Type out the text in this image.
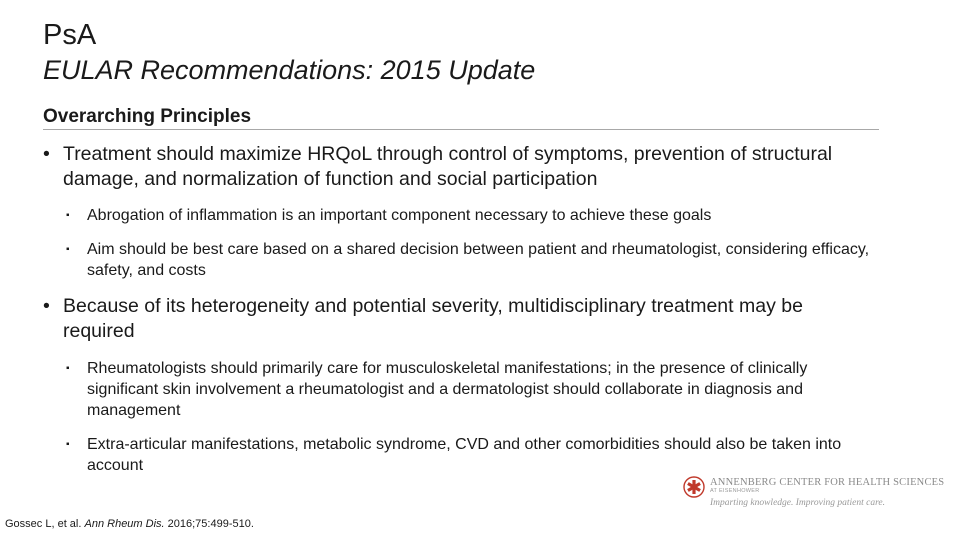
PsA
EULAR Recommendations: 2015 Update
Overarching Principles
• Treatment should maximize HRQoL through control of symptoms, prevention of structural damage, and normalization of function and social participation
▪ Abrogation of inflammation is an important component necessary to achieve these goals
▪ Aim should be best care based on a shared decision between patient and rheumatologist, considering efficacy, safety, and costs
• Because of its heterogeneity and potential severity, multidisciplinary treatment may be required
▪ Rheumatologists should primarily care for musculoskeletal manifestations; in the presence of clinically significant skin involvement a rheumatologist and a dermatologist should collaborate in diagnosis and management
▪ Extra-articular manifestations, metabolic syndrome, CVD and other comorbidities should also be taken into account
ANNENBERG CENTER FOR HEALTH SCIENCES
AT EISENHOWER
Imparting knowledge. Improving patient care.
Gossec L, et al. Ann Rheum Dis. 2016;75:499-510.
